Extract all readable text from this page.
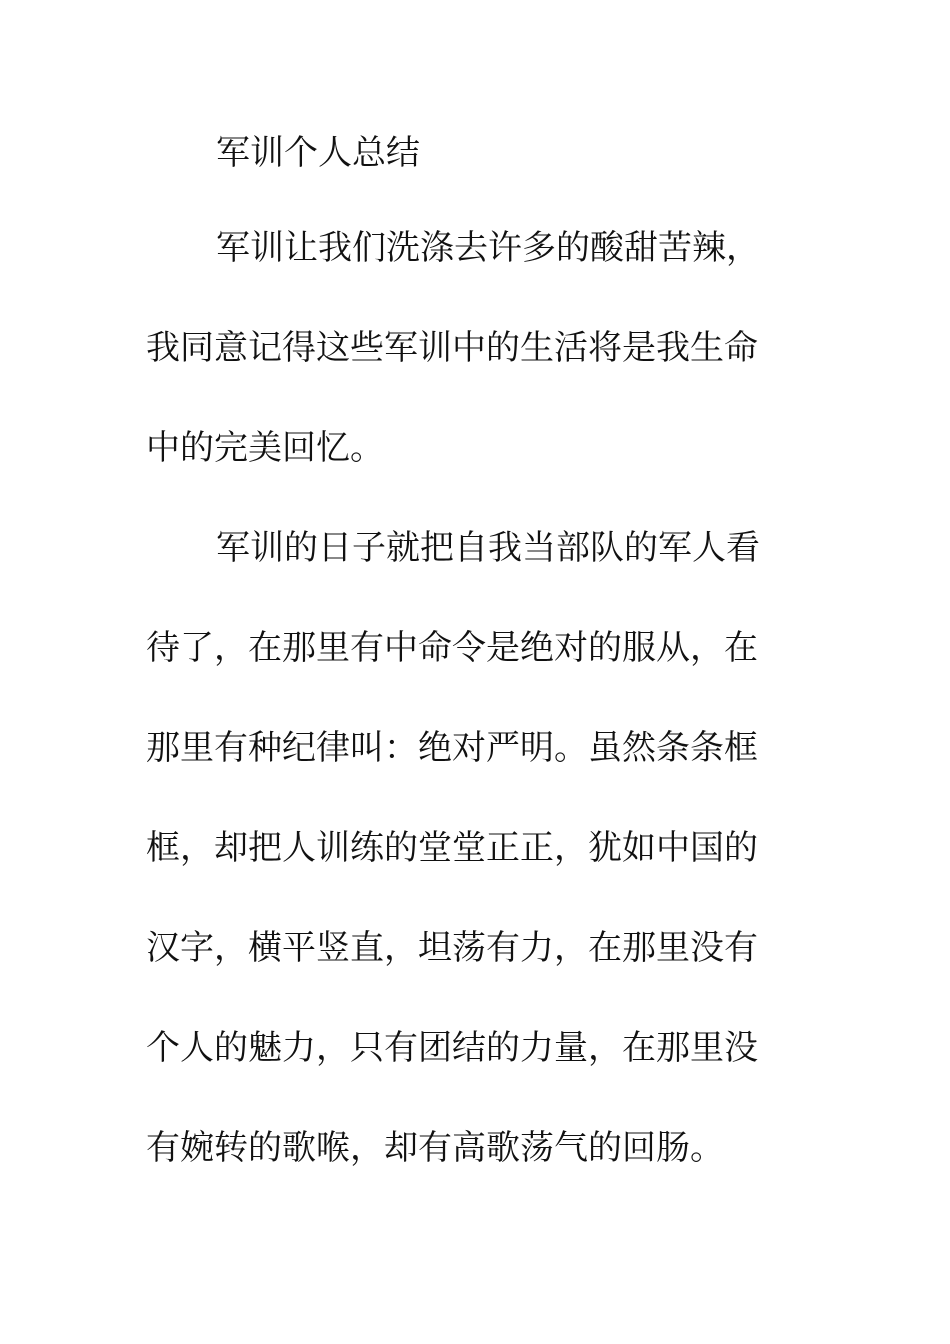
军训个人总结
军训让我们洗涤去许多的酸甜苦辣，
我同意记得这些军训中的生活将是我生命
中的完美回忆。
军训的日子就把自我当部队的军人看
待了，在那里有中命令是绝对的服从，在
那里有种纪律叫：绝对严明。虽然条条框
框，却把人训练的堂堂正正，犹如中国的
汉字，横平竖直，坦荡有力，在那里没有
个人的魅力，只有团结的力量，在那里没
有婉转的歌喉，却有高歌荡气的回肠。
